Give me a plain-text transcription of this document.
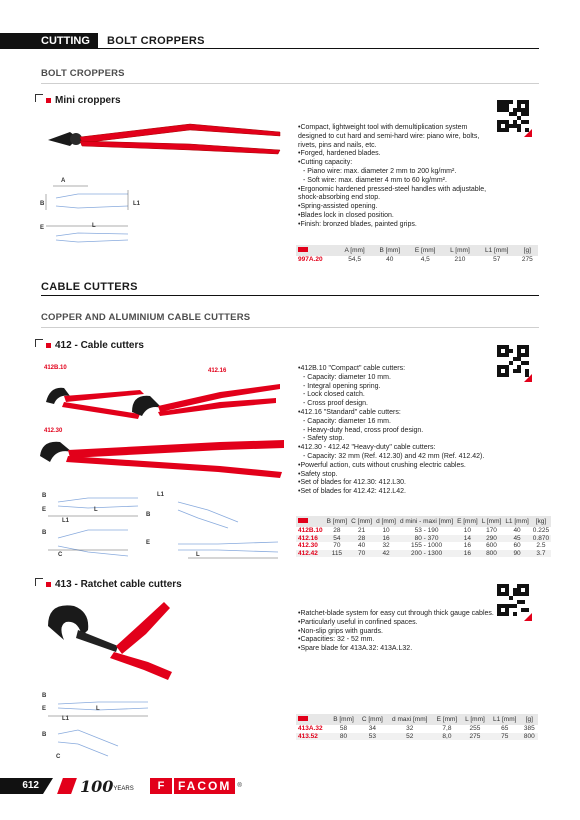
CUTTING	BOLT CROPPERS
BOLT CROPPERS
Mini croppers
A
B	L1
E	L
• Compact, lightweight tool with demultiplication system
designed to cut hard and semi-hard wire: piano wire, bolts,
rivets, pins and nails, etc.
• Forged, hardened blades.
• Cutting capacity:
- Piano wire: max. diameter 2 mm to 200 kg/mm².
- Soft wire: max. diameter 4 mm to 60 kg/mm².
• Ergonomic hardened pressed-steel handles with adjustable,
shock-absorbing end stop.
• Spring-assisted opening.
• Blades lock in closed position.
• Finish: bronzed blades, painted grips.
	A [mm]	B [mm]	E [mm]	L [mm]	L1 [mm]	[g]
997A.20	54,5	40	4,5	210	57	275
CABLE CUTTERS
COPPER AND ALUMINIUM CABLE CUTTERS
412 - Cable cutters
412B.10	412.16
412.30
B
E	L
L1
B
C
L1
B
E
L
• 412B.10 "Compact" cable cutters:
- Capacity: diameter 10 mm.
- Integral opening spring.
- Lock closed catch.
- Cross proof design.
• 412.16 "Standard" cable cutters:
- Capacity: diameter 16 mm.
- Heavy-duty head, cross proof design.
- Safety stop.
• 412.30 - 412.42 "Heavy-duty" cable cutters:
- Capacity: 32 mm (Ref. 412.30) and 42 mm (Ref. 412.42).
• Powerful action, cuts without crushing electric cables.
• Safety stop.
• Set of blades for 412.30: 412.L30.
• Set of blades for 412.42: 412.L42.
	B [mm]	C [mm]	d [mm]	d mini - maxi [mm]	E [mm]	L [mm]	L1 [mm]	[kg]
412B.10	28	21	10	53 - 190	10	170	40	0.225
412.16	54	28	16	80 - 370	14	290	45	0.870
412.30	70	40	32	155 - 1000	16	600	60	2.5
412.42	115	70	42	200 - 1300	16	800	90	3.7
413 - Ratchet cable cutters
B
E	L
L1
B
C
• Ratchet-blade system for easy cut through thick gauge cables.
• Particularly useful in confined spaces.
• Non-slip grips with guards.
• Capacities: 32 - 52 mm.
• Spare blade for 413A.32: 413A.L32.
	B [mm]	C [mm]	d maxi [mm]	E [mm]	L [mm]	L1 [mm]	[g]
413A.32	58	34	32	7,8	255	65	385
413.52	80	53	52	8,0	275	75	800
612	100YEARS	F	FACOM	®
